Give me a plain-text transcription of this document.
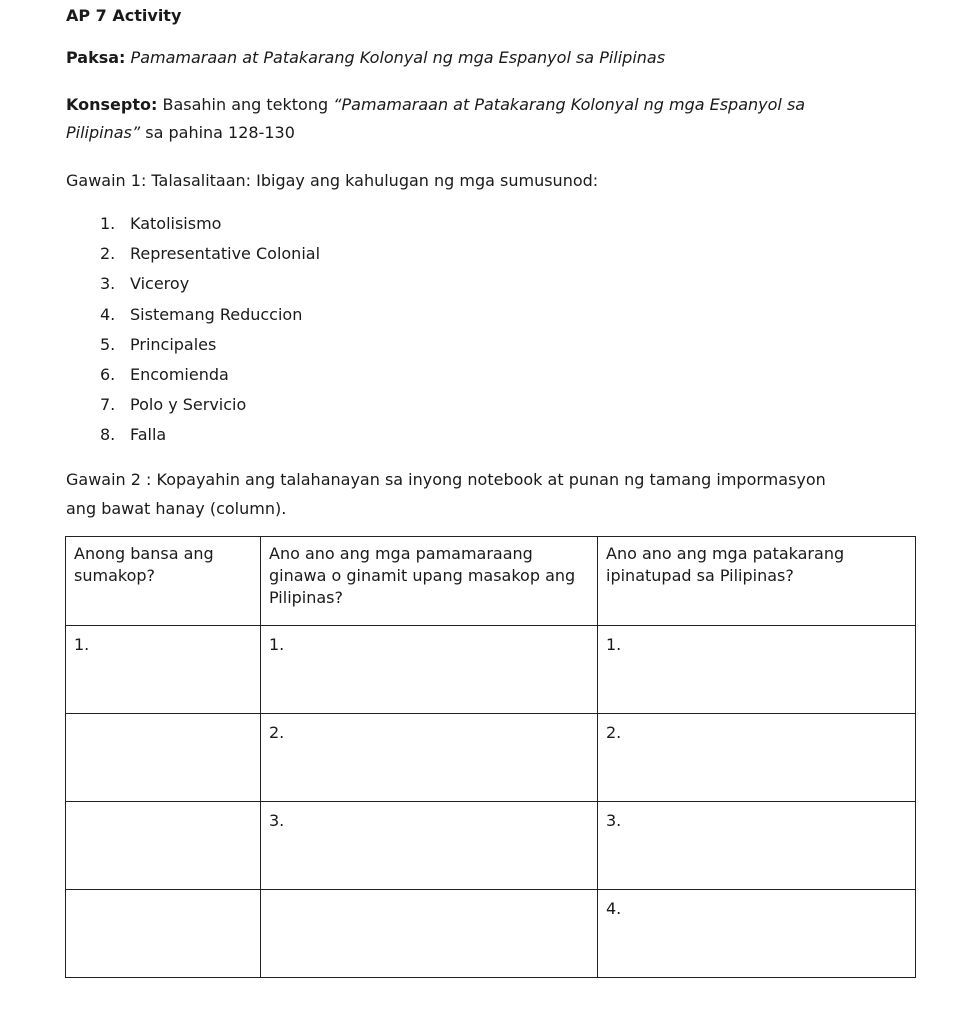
AP 7 Activity
Paksa: Pamamaraan at Patakarang Kolonyal ng mga Espanyol sa Pilipinas
Konsepto: Basahin ang tektong “Pamamaraan at Patakarang Kolonyal ng mga Espanyol sa
Pilipinas” sa pahina 128-130
Gawain 1: Talasalitaan: Ibigay ang kahulugan ng mga sumusunod:
1. Katolisismo
2. Representative Colonial
3. Viceroy
4. Sistemang Reduccion
5. Principales
6. Encomienda
7. Polo y Servicio
8. Falla
Gawain 2 : Kopayahin ang talahanayan sa inyong notebook at punan ng tamang impormasyon
ang bawat hanay (column).
Anong bansa ang sumakop?	Ano ano ang mga pamamaraang ginawa o ginamit upang masakop ang Pilipinas?	Ano ano ang mga patakarang ipinatupad sa Pilipinas?
1.	1.	1.
	2.	2.
	3.	3.
		4.
